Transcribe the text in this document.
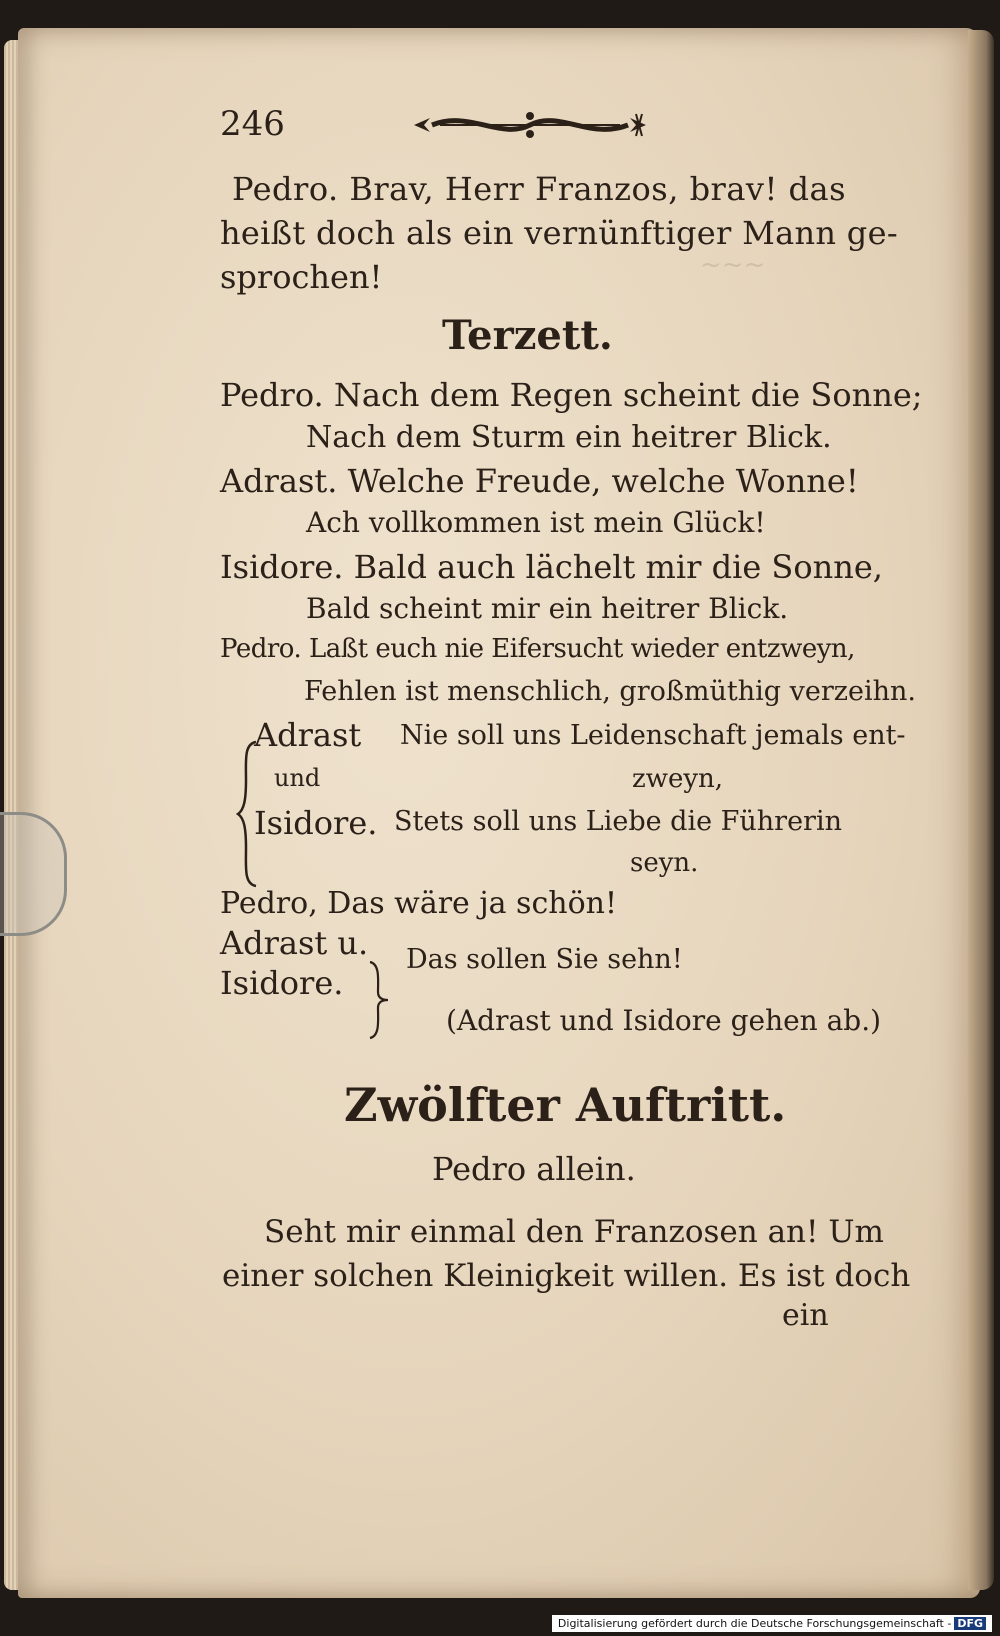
~~~
246
Pedro. Brav, Herr Franzos, brav! das
heißt doch als ein vernünftiger Mann ge-
sprochen!
Terzett.
Pedro. Nach dem Regen scheint die Sonne;
Nach dem Sturm ein heitrer Blick.
Adrast. Welche Freude, welche Wonne!
Ach vollkommen ist mein Glück!
Isidore. Bald auch lächelt mir die Sonne,
Bald scheint mir ein heitrer Blick.
Pedro. Laßt euch nie Eifersucht wieder entzweyn,
Fehlen ist menschlich, großmüthig verzeihn.
Adrast Nie soll uns Leidenschaft jemals ent-
und	zweyn,
Isidore. Stets soll uns Liebe die Führerin
seyn.
Pedro, Das wäre ja schön!
Adrast u.
Isidore.
Das sollen Sie sehn!
(Adrast und Isidore gehen ab.)
Zwölfter Auftritt.
Pedro allein.
Seht mir einmal den Franzosen an! Um
einer solchen Kleinigkeit willen. Es ist doch
ein
Digitalisierung gefördert durch die Deutsche Forschungsgemeinschaft - DFG
